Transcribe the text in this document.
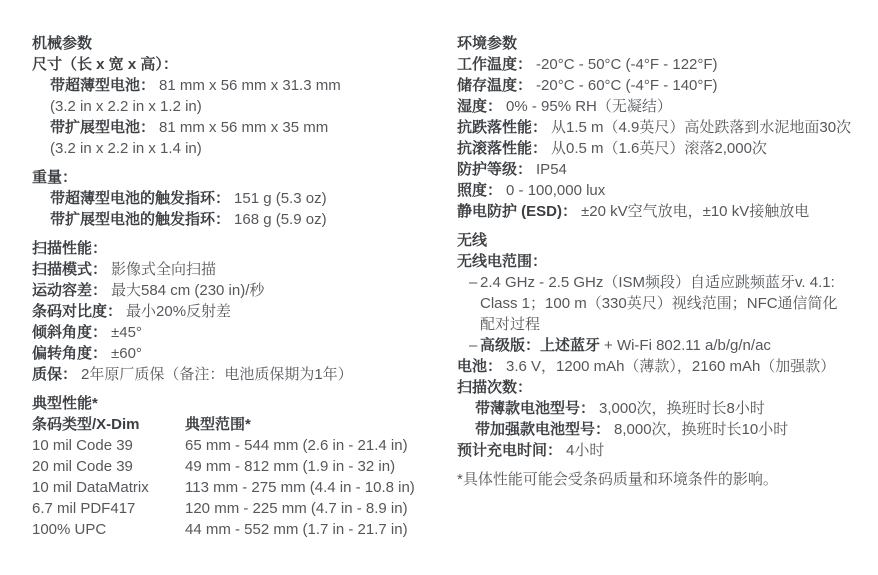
机械参数
尺寸（长 x 宽 x 高）：
带超薄型电池： 81 mm x 56 mm x 31.3 mm
(3.2 in x 2.2 in x 1.2 in)
带扩展型电池： 81 mm x 56 mm x 35 mm
(3.2 in x 2.2 in x 1.4 in)
重量：
带超薄型电池的触发指环： 151 g (5.3 oz)
带扩展型电池的触发指环： 168 g (5.9 oz)
扫描性能：
扫描模式： 影像式全向扫描
运动容差： 最大584 cm (230 in)/秒
条码对比度： 最小20%反射差
倾斜角度： ±45°
偏转角度： ±60°
质保： 2年原厂质保（备注：电池质保期为1年）
典型性能*
条码类型/X-Dim	典型范围*
10 mil Code 39	65 mm - 544 mm (2.6 in - 21.4 in)
20 mil Code 39	49 mm - 812 mm (1.9 in - 32 in)
10 mil DataMatrix	113 mm - 275 mm (4.4 in - 10.8 in)
6.7 mil PDF417	120 mm - 225 mm (4.7 in - 8.9 in)
100% UPC	44 mm - 552 mm (1.7 in - 21.7 in)
环境参数
工作温度： -20°C - 50°C (-4°F - 122°F)
储存温度： -20°C - 60°C (-4°F - 140°F)
湿度： 0% - 95% RH（无凝结）
抗跌落性能： 从1.5 m（4.9英尺）高处跌落到水泥地面30次
抗滚落性能： 从0.5 m（1.6英尺）滚落2,000次
防护等级： IP54
照度： 0 - 100,000 lux
静电防护 (ESD)： ±20 kV空气放电，±10 kV接触放电
无线
无线电范围：
– 2.4 GHz - 2.5 GHz（ISM频段）自适应跳频蓝牙v. 4.1:
Class 1；100 m（330英尺）视线范围；NFC通信简化
配对过程
– 高级版：上述蓝牙 + Wi-Fi 802.11 a/b/g/n/ac
电池： 3.6 V，1200 mAh（薄款），2160 mAh（加强款）
扫描次数：
带薄款电池型号： 3,000次，换班时长8小时
带加强款电池型号： 8,000次，换班时长10小时
预计充电时间： 4小时
*具体性能可能会受条码质量和环境条件的影响。
